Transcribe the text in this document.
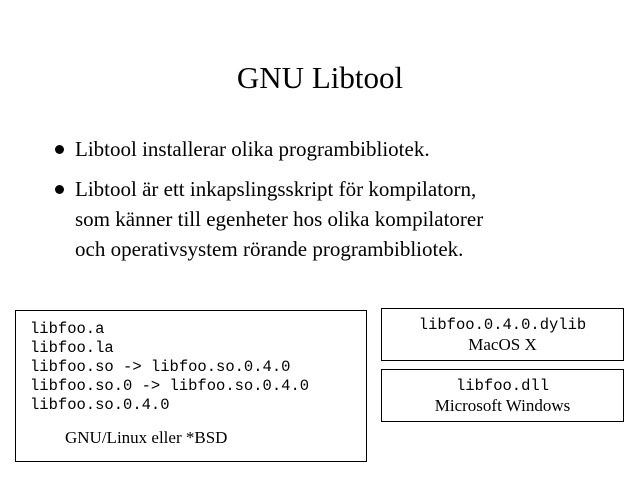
GNU Libtool
Libtool installerar olika programbibliotek.
Libtool är ett inkapslingsskript för kompilatorn,
som känner till egenheter hos olika kompilatorer
och operativsystem rörande programbibliotek.
libfoo.a
libfoo.la
libfoo.so -> libfoo.so.0.4.0
libfoo.so.0 -> libfoo.so.0.4.0
libfoo.so.0.4.0
GNU/Linux eller *BSD
libfoo.0.4.0.dylib
MacOS X
libfoo.dll
Microsoft Windows
